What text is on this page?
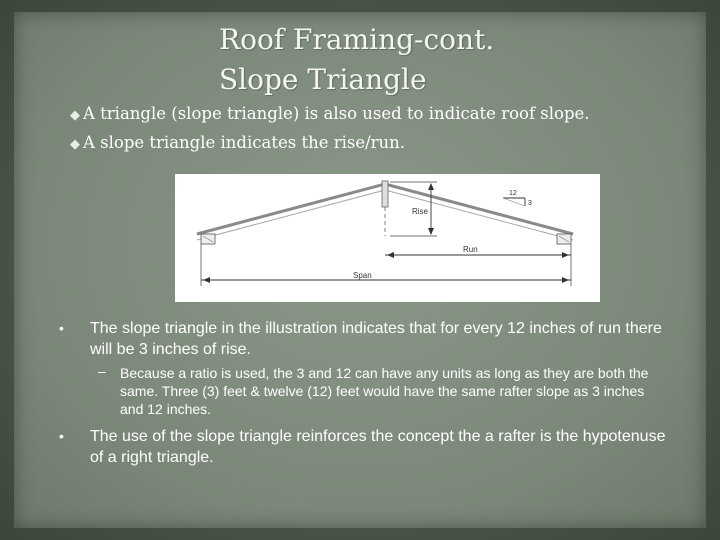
Roof Framing-cont.
Slope Triangle
◆ A triangle (slope triangle) is also used to indicate roof slope.
◆ A slope triangle indicates the rise/run.
Rise
Run
Span
12
3
• The slope triangle in the illustration indicates that for every 12 inches of run there will be 3 inches of rise.
– Because a ratio is used, the 3 and 12 can have any units as long as they are both the same. Three (3) feet & twelve (12) feet would have the same rafter slope as 3 inches and 12 inches.
• The use of the slope triangle reinforces the concept the a rafter is the hypotenuse of a right triangle.
